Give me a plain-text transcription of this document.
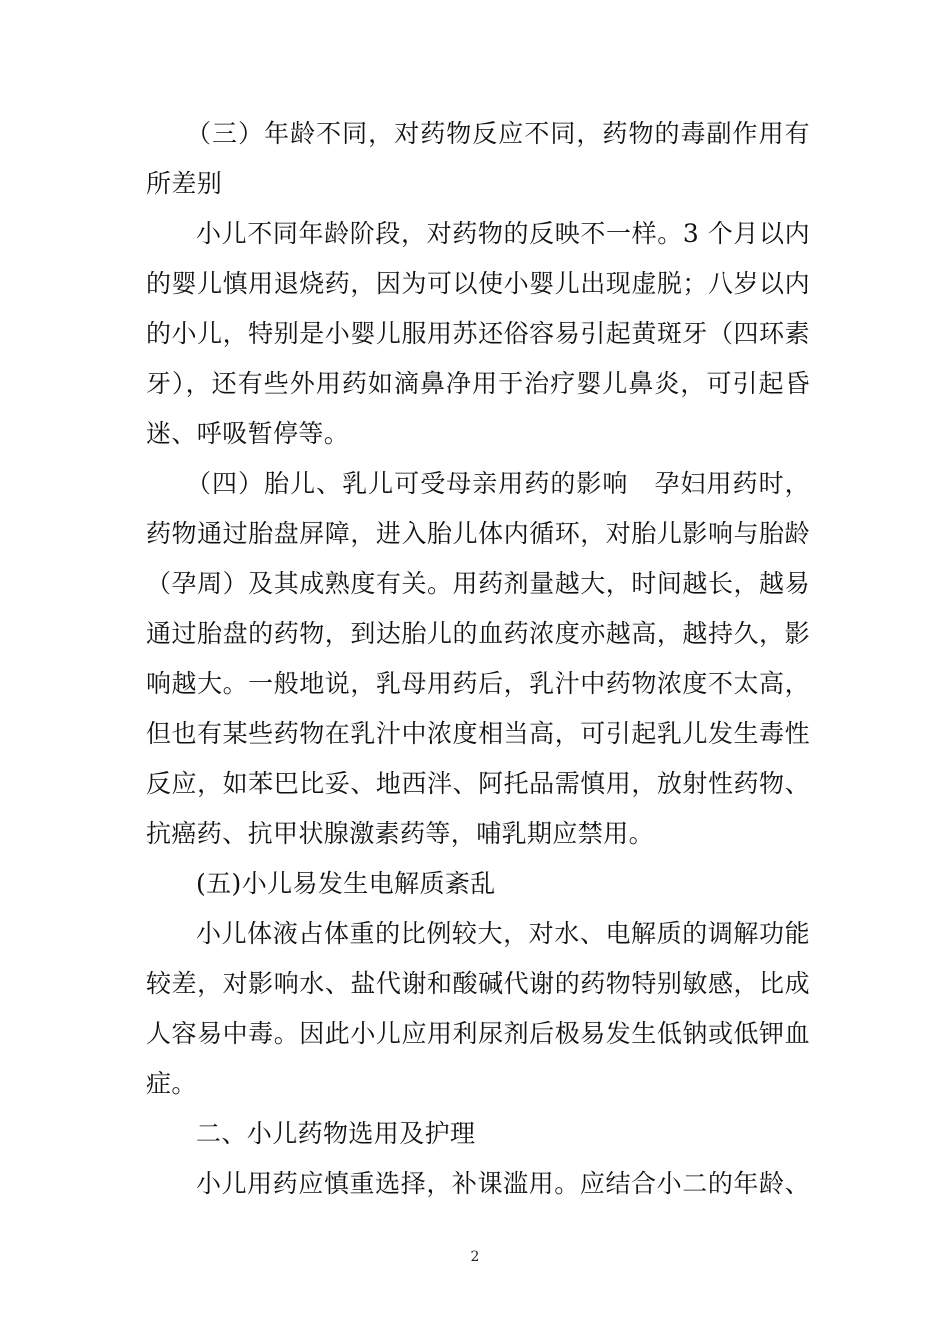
（三）年龄不同，对药物反应不同，药物的毒副作用有
所差别
小儿不同年龄阶段，对药物的反映不一样。3 个月以内
的婴儿慎用退烧药，因为可以使小婴儿出现虚脱；八岁以内
的小儿，特别是小婴儿服用苏还俗容易引起黄斑牙（四环素
牙），还有些外用药如滴鼻净用于治疗婴儿鼻炎，可引起昏
迷、呼吸暂停等。
（四）胎儿、乳儿可受母亲用药的影响　孕妇用药时，
药物通过胎盘屏障，进入胎儿体内循环，对胎儿影响与胎龄
（孕周）及其成熟度有关。用药剂量越大，时间越长，越易
通过胎盘的药物，到达胎儿的血药浓度亦越高，越持久，影
响越大。一般地说，乳母用药后，乳汁中药物浓度不太高，
但也有某些药物在乳汁中浓度相当高，可引起乳儿发生毒性
反应，如苯巴比妥、地西泮、阿托品需慎用，放射性药物、
抗癌药、抗甲状腺激素药等，哺乳期应禁用。
(五)小儿易发生电解质紊乱
小儿体液占体重的比例较大，对水、电解质的调解功能
较差，对影响水、盐代谢和酸碱代谢的药物特别敏感，比成
人容易中毒。因此小儿应用利尿剂后极易发生低钠或低钾血
症。
二、小儿药物选用及护理
小儿用药应慎重选择，补课滥用。应结合小二的年龄、
2
